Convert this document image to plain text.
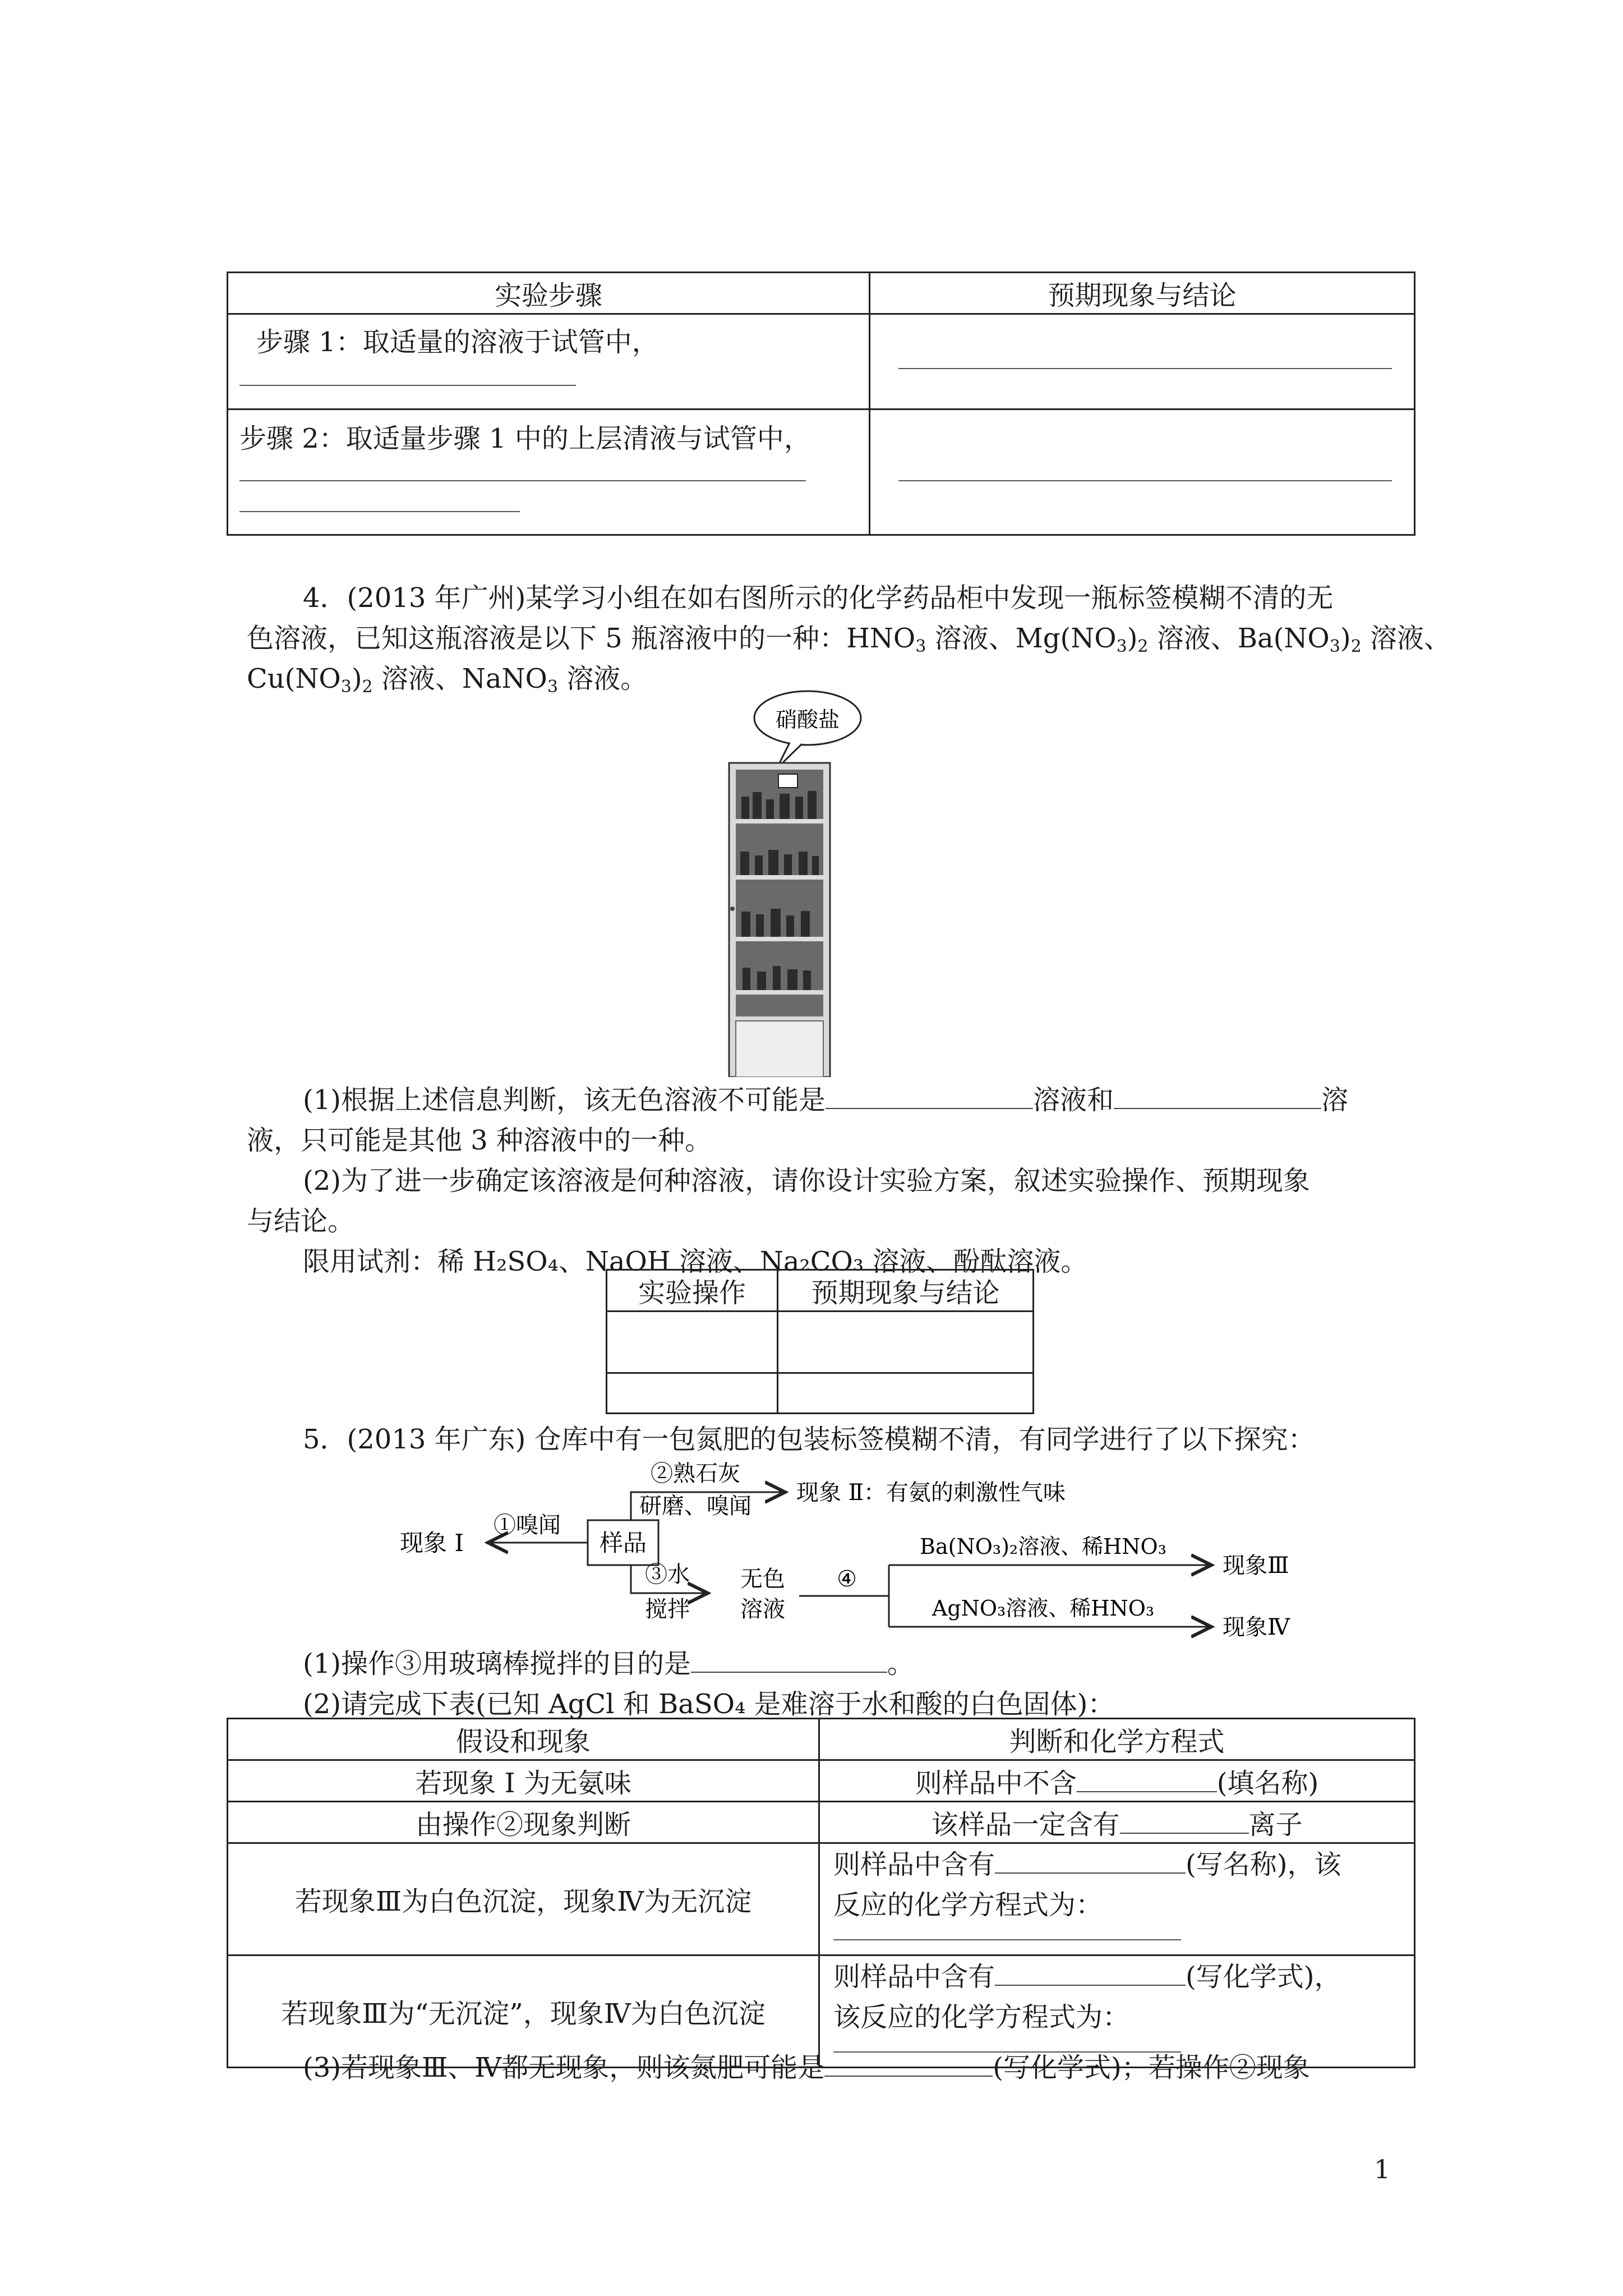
实验步骤	预期现象与结论

步骤 1：取适量的溶液于试管中，	

步骤 2：取适量步骤 1 中的上层清液与试管中，	

4．(2013 年广州)某学习小组在如右图所示的化学药品柜中发现一瓶标签模糊不清的无
色溶液，已知这瓶溶液是以下 5 瓶溶液中的一种：$HNO_3$ 溶液、$Mg(NO_3)_2$ 溶液、$Ba(NO_3)_2$ 溶液、
$Cu(NO_3)_2$ 溶液、NaNO$_3$ 溶液。
硝酸盐
(1)根据上述信息判断，该无色溶液不可能是	溶液和	溶
液，只可能是其他 3 种溶液中的一种。
(2)为了进一步确定该溶液是何种溶液，请你设计实验方案，叙述实验操作、预期现象
与结论。
限用试剂：稀 H₂SO₄、NaOH 溶液、Na₂CO₃ 溶液、酚酞溶液。
实验操作	预期现象与结论

5．(2013 年广东) 仓库中有一包氮肥的包装标签模糊不清，有同学进行了以下探究：
样品
①嗅闻
现象 I
②熟石灰
研磨、嗅闻
现象 Ⅱ：有氨的刺激性气味
③水
搅拌
无色
溶液
④
Ba(NO₃)₂溶液、稀HNO₃
AgNO₃溶液、稀HNO₃
现象Ⅲ
现象Ⅳ
(1)操作③用玻璃棒搅拌的目的是	。
(2)请完成下表(已知 AgCl 和 BaSO₄ 是难溶于水和酸的白色固体)：
假设和现象	判断和化学方程式
若现象 I 为无氨味	则样品中不含 (填名称)
由操作②现象判断	该样品一定含有 离子
若现象Ⅲ为白色沉淀，现象Ⅳ为无沉淀	则样品中含有 (写名称)，该
反应的化学方程式为：

若现象Ⅲ为“无沉淀”，现象Ⅳ为白色沉淀	则样品中含有 (写化学式)，
该反应的化学方程式为：
(3)若现象Ⅲ、Ⅳ都无现象，则该氮肥可能是	(写化学式)；若操作②现象
1
